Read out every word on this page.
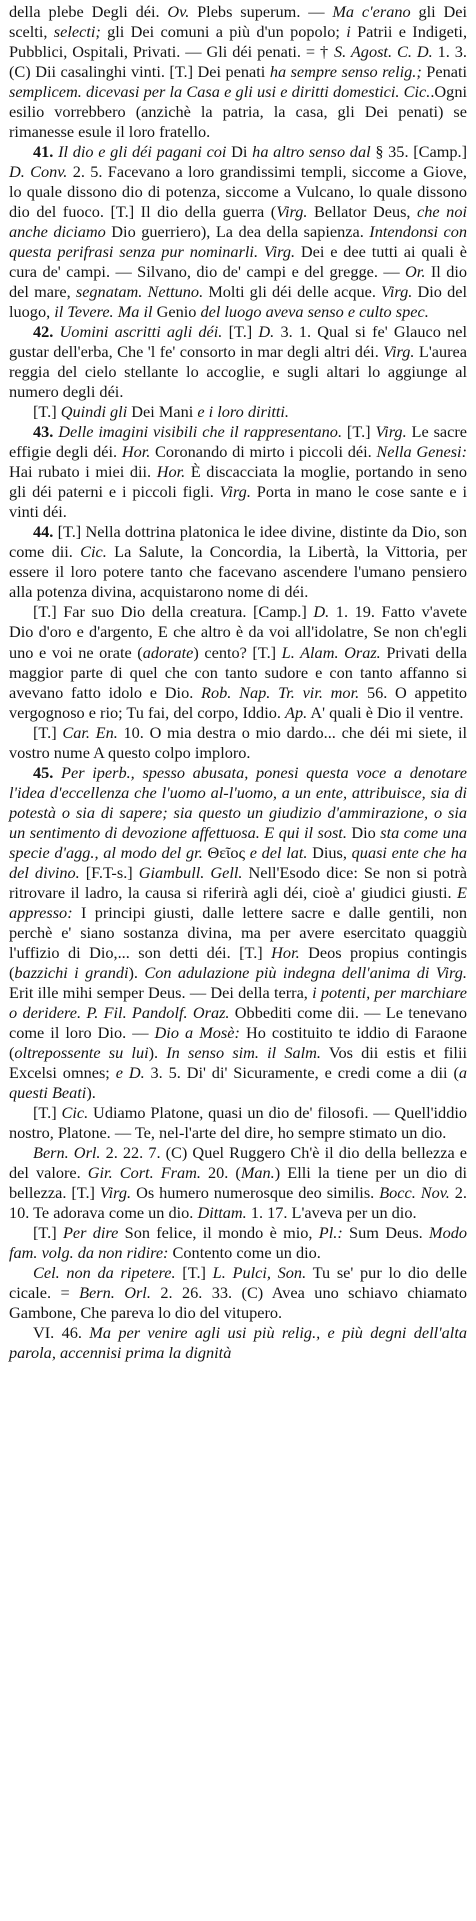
della plebe Degli déi. Ov. Plebs superum. — Ma c'erano gli Dei scelti, selecti; gli Dei comuni a più d'un popolo; i Patrii e Indigeti, Pubblici, Ospitali, Privati. — Gli déi penati. = † S. Agost. C. D. 1. 3. (C) Dii casalinghi vinti. [T.] Dei penati ha sempre senso relig.; Penati semplicem. dicevasi per la Casa e gli usi e diritti domestici. Cic..Ogni esilio vorrebbero (anzichè la patria, la casa, gli Dei penati) se rimanesse esule il loro fratello.

41. Il dio e gli déi pagani coi Di ha altro senso dal § 35. [Camp.] D. Conv. 2. 5. Facevano a loro grandissimi templi, siccome a Giove, lo quale dissono dio di potenza, siccome a Vulcano, lo quale dissono dio del fuoco. [T.] Il dio della guerra (Virg. Bellator Deus, che noi anche diciamo Dio guerriero), La dea della sapienza. Intendonsi con questa perifrasi senza pur nominarli. Virg. Dei e dee tutti ai quali è cura de' campi. — Silvano, dio de' campi e del gregge. — Or. Il dio del mare, segnatam. Nettuno. Molti gli déi delle acque. Virg. Dio del luogo, il Tevere. Ma il Genio del luogo aveva senso e culto spec.

42. Uomini ascritti agli déi. [T.] D. 3. 1. Qual si fe' Glauco nel gustar dell'erba, Che 'l fe' consorto in mar degli altri déi. Virg. L'aurea reggia del cielo stellante lo accoglie, e sugli altari lo aggiunge al numero degli déi.

[T.] Quindi gli Dei Mani e i loro diritti.

43. Delle imagini visibili che il rappresentano. [T.] Virg. Le sacre effigie degli déi. Hor. Coronando di mirto i piccoli déi. Nella Genesi: Hai rubato i miei dii. Hor. È discacciata la moglie, portando in seno gli déi paterni e i piccoli figli. Virg. Porta in mano le cose sante e i vinti déi.

44. [T.] Nella dottrina platonica le idee divine, distinte da Dio, son come dii. Cic. La Salute, la Concordia, la Libertà, la Vittoria, per essere il loro potere tanto che facevano ascendere l'umano pensiero alla potenza divina, acquistarono nome di déi.

[T.] Far suo Dio della creatura. [Camp.] D. 1. 19. Fatto v'avete Dio d'oro e d'argento, E che altro è da voi all'idolatre, Se non ch'egli uno e voi ne orate (adorate) cento? [T.] L. Alam. Oraz. Privati della maggior parte di quel che con tanto sudore e con tanto affanno si avevano fatto idolo e Dio. Rob. Nap. Tr. vir. mor. 56. O appetito vergognoso e rio; Tu fai, del corpo, Iddio. Ap. A' quali è Dio il ventre.

[T.] Car. En. 10. O mia destra o mio dardo... che déi mi siete, il vostro nume A questo colpo imploro.

45. Per iperb., spesso abusata, ponesi questa voce a denotare l'idea d'eccellenza che l'uomo al-l'uomo, a un ente, attribuisce, sia di potestà o sia di sapere; sia questo un giudizio d'ammirazione, o sia un sentimento di devozione affettuosa. E qui il sost. Dio sta come una specie d'agg., al modo del gr. Θεῖος e del lat. Dius, quasi ente che ha del divino. [F.T-s.] Giambull. Gell. Nell'Esodo dice: Se non si potrà ritrovare il ladro, la causa si riferirà agli déi, cioè a' giudici giusti. E appresso: I principi giusti, dalle lettere sacre e dalle gentili, non perchè e' siano sostanza divina, ma per avere esercitato quaggiù l'uffizio di Dio,... son detti déi. [T.] Hor. Deos propius contingis (bazzichi i grandi). Con adulazione più indegna dell'anima di Virg. Erit ille mihi semper Deus. — Dei della terra, i potenti, per marchiare o deridere. P. Fil. Pandolf. Oraz. Obbediti come dii. — Le tenevano come il loro Dio. — Dio a Mosè: Ho costituito te iddio di Faraone (oltrepossente su lui). In senso sim. il Salm. Vos dii estis et filii Excelsi omnes; e D. 3. 5. Di' di' Sicuramente, e credi come a dii (a questi Beati).

[T.] Cic. Udiamo Platone, quasi un dio de' filosofi. — Quell'iddio nostro, Platone. — Te, nel-l'arte del dire, ho sempre stimato un dio.

Bern. Orl. 2. 22. 7. (C) Quel Ruggero Ch'è il dio della bellezza e del valore. Gir. Cort. Fram. 20. (Man.) Elli la tiene per un dio di bellezza. [T.] Virg. Os humero numerosque deo similis. Bocc. Nov. 2. 10. Te adorava come un dio. Dittam. 1. 17. L'aveva per un dio.

[T.] Per dire Son felice, il mondo è mio, Pl.: Sum Deus. Modo fam. volg. da non ridire: Contento come un dio.

Cel. non da ripetere. [T.] L. Pulci, Son. Tu se' pur lo dio delle cicale. = Bern. Orl. 2. 26. 33. (C) Avea uno schiavo chiamato Gambone, Che pareva lo dio del vitupero.

VI. 46. Ma per venire agli usi più relig., e più degni dell'alta parola, accennisi prima la dignità
